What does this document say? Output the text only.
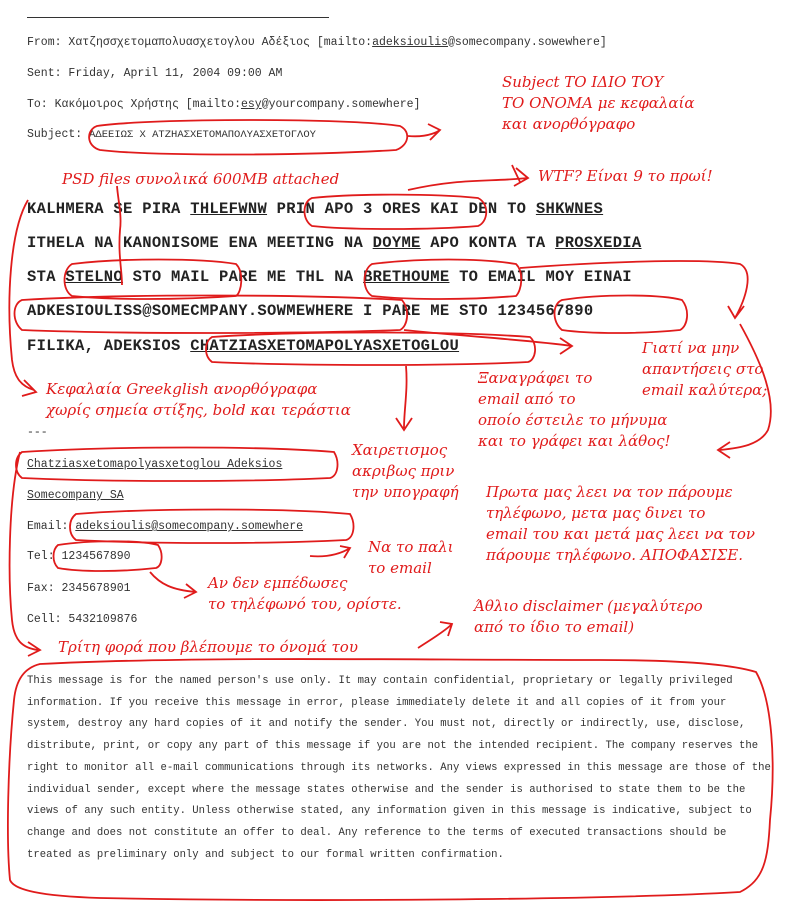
From: Χατζησσχετομαπολυασχετογλου Αδέξιος [mailto:adeksioulis@somecompany.sowewhere]
Sent: Friday, April 11, 2004 09:00 AM
To: Κακόμοιρος Χρήστης [mailto:esy@yourcompany.somewhere]
Subject: ΑΔΕΕΙΩΣ Χ ΑΤΖΗΑΣΧΕΤΟΜΑΠΟΛΥΑΣΧΕΤΟΓΛΟΥ
KALHMERA SE PIRA THLEFWNW PRIN APO 3 ORES KAI DEN TO SHKWNES
ITHELA NA KANONISOME ENA MEETING NA DOYME APO KONTA TA PROSXEDIA
STA STELNO STO MAIL PARE ME THL NA BRETHOUME TO EMAIL MOY EINAI
ADKESIOULISS@SOMECMPANY.SOWMEWHERE I PARE ME STO 1234567890
FILIKA, ADEKSIOS CHATZIASXETOMAPOLYASXETOGLOU
---
Chatziasxetomapolyasxetoglou Adeksios
Somecompany SA
Email: adeksioulis@somecompany.somewhere
Tel: 1234567890
Fax: 2345678901
Cell: 5432109876
This message is for the named person's use only. It may contain confidential, proprietary or legally privileged information. If you receive this message in error, please immediately delete it and all copies of it from your system, destroy any hard copies of it and notify the sender. You must not, directly or indirectly, use, disclose, distribute, print, or copy any part of this message if you are not the intended recipient. The company reserves the right to monitor all e-mail communications through its networks. Any views expressed in this message are those of the individual sender, except where the message states otherwise and the sender is authorised to state them to be the views of any such entity. Unless otherwise stated, any information given in this message is indicative, subject to change and does not constitute an offer to deal. Any reference to the terms of executed transactions should be treated as preliminary only and subject to our formal written confirmation.
Subject ΤΟ ΙΔΙΟ ΤΟΥ
ΤΟ ΟΝΟΜΑ με κεφαλαία
και ανορθόγραφο
WTF? Είναι 9 το πρωί!
PSD files συνολικά 600MB attached
Κεφαλαία Greekglish ανορθόγραφα
χωρίς σημεία στίξης, bold και τεράστια
Ξαναγράφει το
email από το
οποίο έστειλε το μήνυμα
και το γράφει και λάθος!
Γιατί να μην
απαντήσεις στο
email καλύτερα;
Χαιρετισμος
ακριβως πριν
την υπογραφή Πρωτα μας λεει να τον πάρουμε
τηλέφωνο, μετα μας δινει το
email του και μετά μας λεει να τον
πάρουμε τηλέφωνο. ΑΠΟΦΑΣΙΣΕ.
Να το παλι
το email
Αν δεν εμπέδωσες
το τηλέφωνό του, ορίστε.	Άθλιο disclaimer (μεγαλύτερο
από το ίδιο το email)
Τρίτη φορά που βλέπουμε το όνομά του
